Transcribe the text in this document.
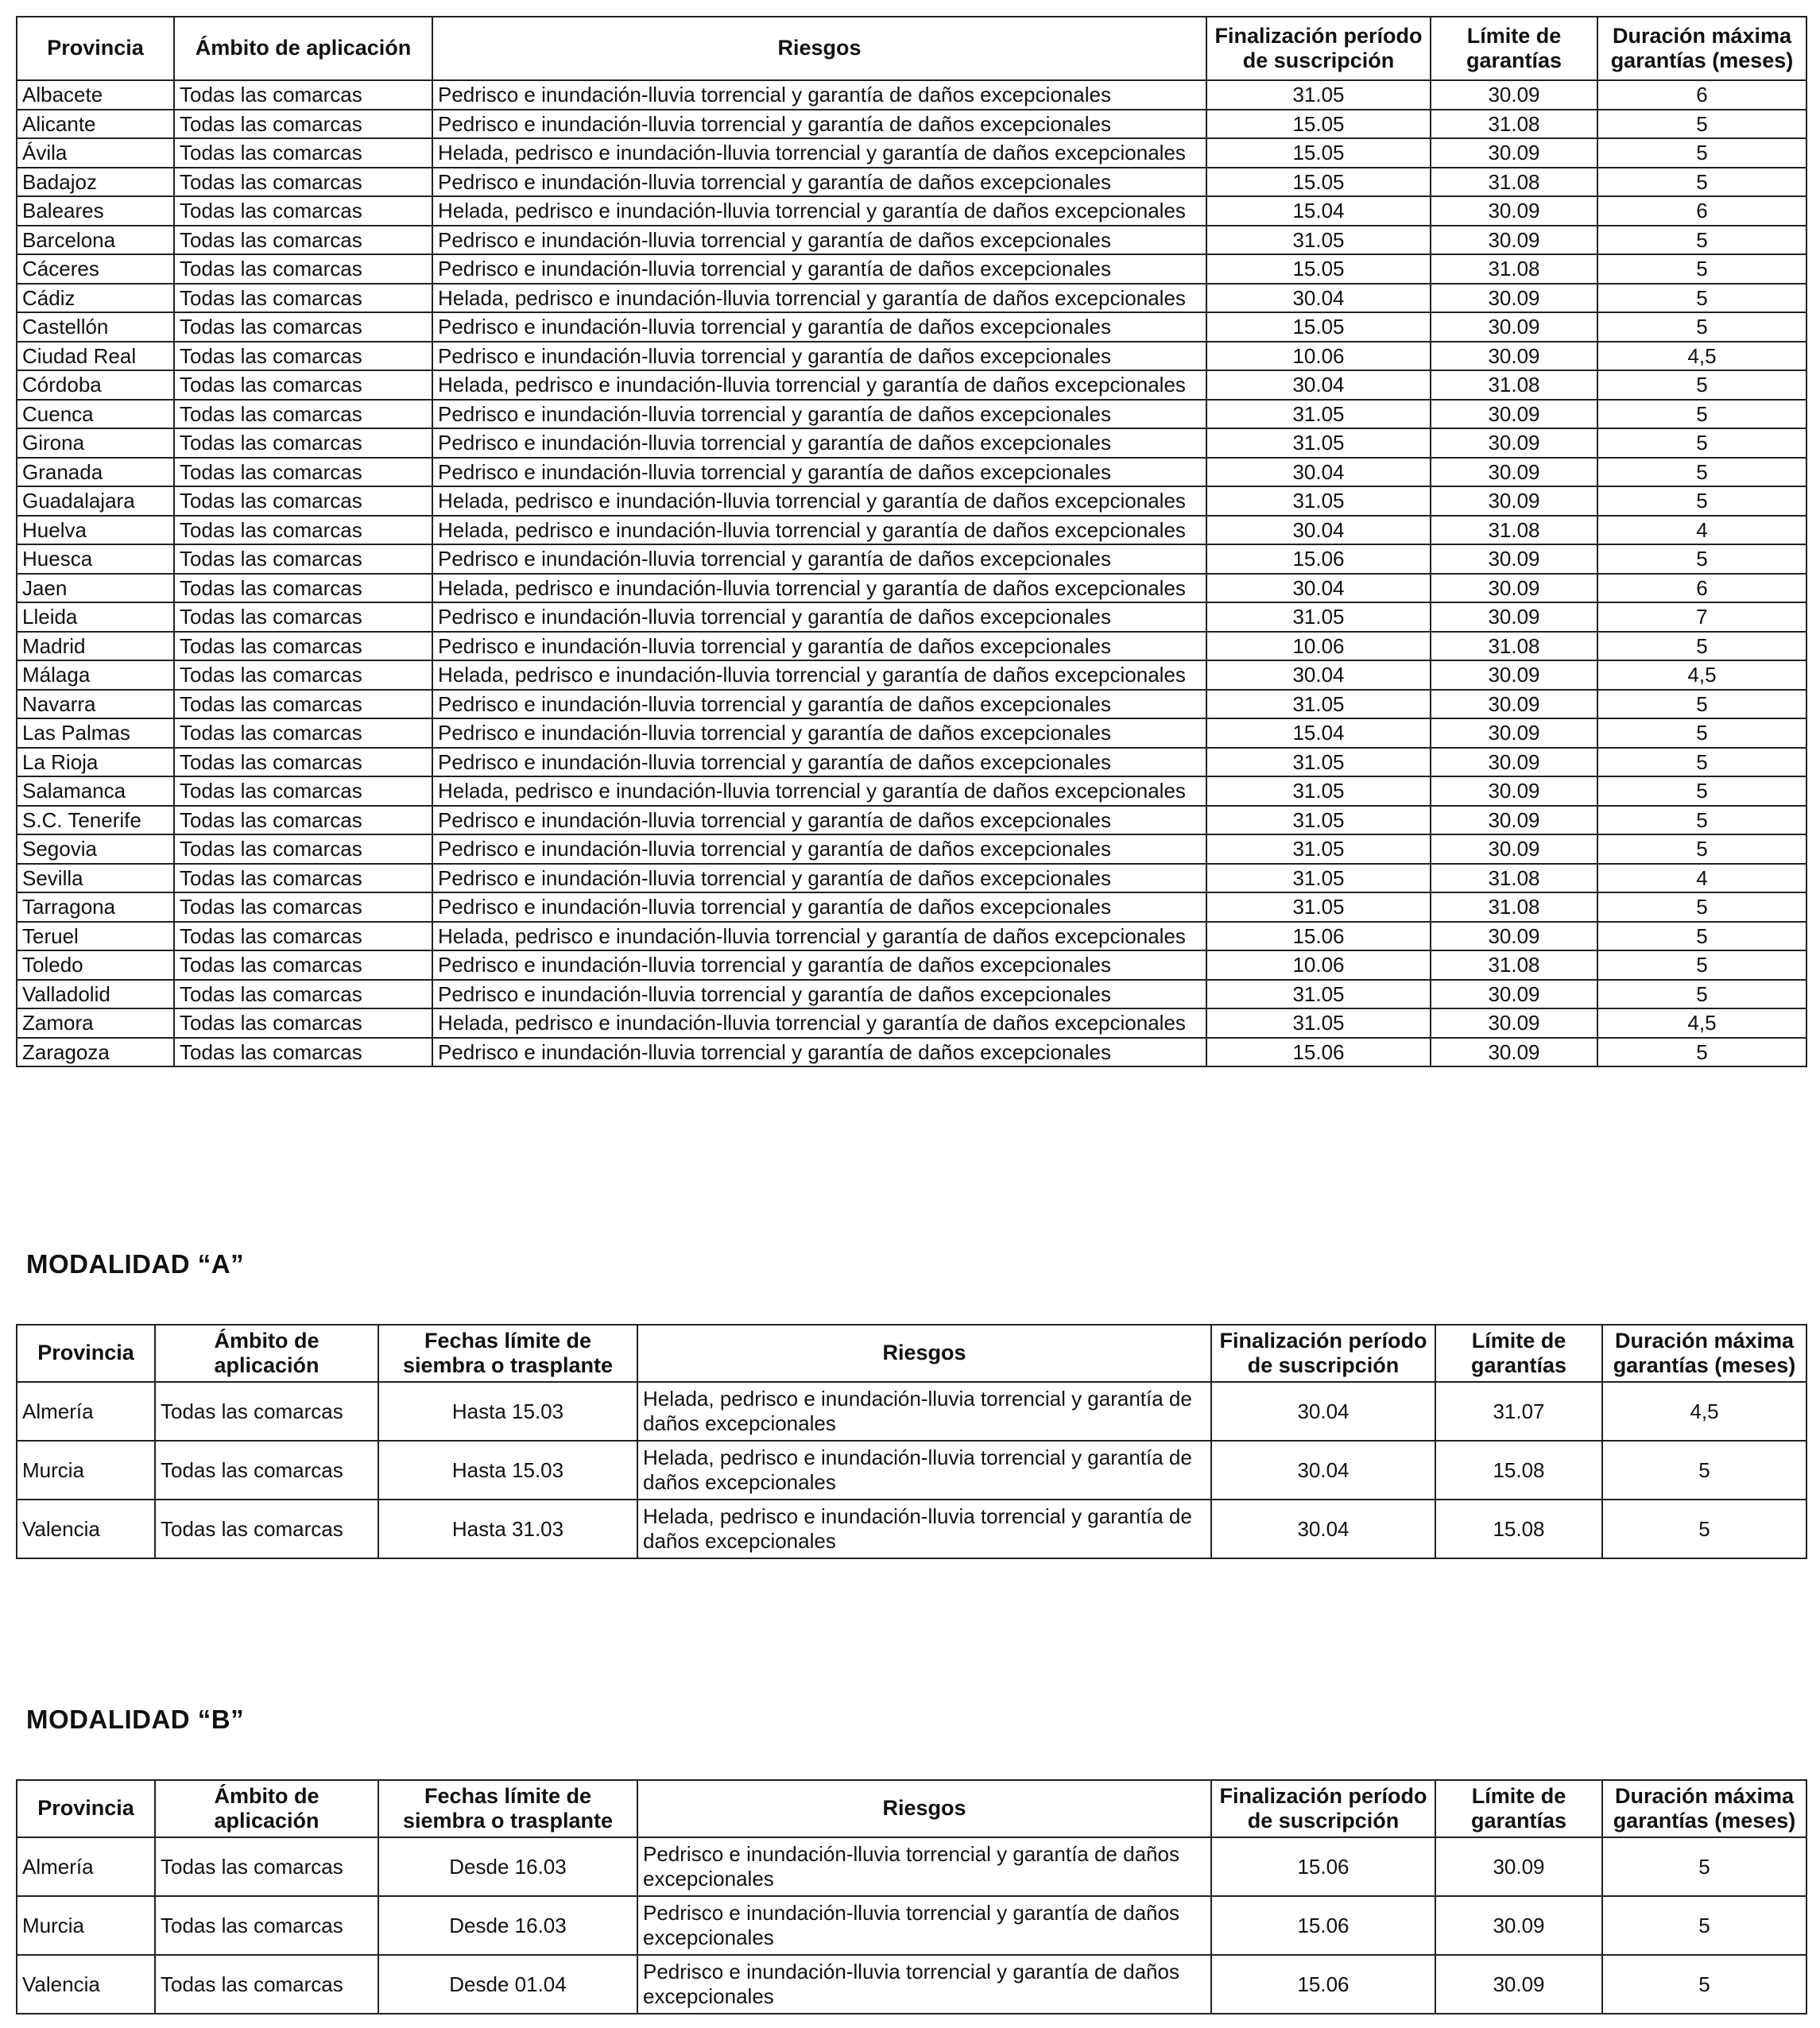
Provincia	Ámbito de aplicación	Riesgos	Finalización período de suscripción	Límite de garantías	Duración máxima garantías (meses)
Albacete	Todas las comarcas	Pedrisco e inundación-lluvia torrencial y garantía de daños excepcionales	31.05	30.09	6
Alicante	Todas las comarcas	Pedrisco e inundación-lluvia torrencial y garantía de daños excepcionales	15.05	31.08	5
Ávila	Todas las comarcas	Helada, pedrisco e inundación-lluvia torrencial y garantía de daños excepcionales	15.05	30.09	5
Badajoz	Todas las comarcas	Pedrisco e inundación-lluvia torrencial y garantía de daños excepcionales	15.05	31.08	5
Baleares	Todas las comarcas	Helada, pedrisco e inundación-lluvia torrencial y garantía de daños excepcionales	15.04	30.09	6
Barcelona	Todas las comarcas	Pedrisco e inundación-lluvia torrencial y garantía de daños excepcionales	31.05	30.09	5
Cáceres	Todas las comarcas	Pedrisco e inundación-lluvia torrencial y garantía de daños excepcionales	15.05	31.08	5
Cádiz	Todas las comarcas	Helada, pedrisco e inundación-lluvia torrencial y garantía de daños excepcionales	30.04	30.09	5
Castellón	Todas las comarcas	Pedrisco e inundación-lluvia torrencial y garantía de daños excepcionales	15.05	30.09	5
Ciudad Real	Todas las comarcas	Pedrisco e inundación-lluvia torrencial y garantía de daños excepcionales	10.06	30.09	4,5
Córdoba	Todas las comarcas	Helada, pedrisco e inundación-lluvia torrencial y garantía de daños excepcionales	30.04	31.08	5
Cuenca	Todas las comarcas	Pedrisco e inundación-lluvia torrencial y garantía de daños excepcionales	31.05	30.09	5
Girona	Todas las comarcas	Pedrisco e inundación-lluvia torrencial y garantía de daños excepcionales	31.05	30.09	5
Granada	Todas las comarcas	Pedrisco e inundación-lluvia torrencial y garantía de daños excepcionales	30.04	30.09	5
Guadalajara	Todas las comarcas	Helada, pedrisco e inundación-lluvia torrencial y garantía de daños excepcionales	31.05	30.09	5
Huelva	Todas las comarcas	Helada, pedrisco e inundación-lluvia torrencial y garantía de daños excepcionales	30.04	31.08	4
Huesca	Todas las comarcas	Pedrisco e inundación-lluvia torrencial y garantía de daños excepcionales	15.06	30.09	5
Jaen	Todas las comarcas	Helada, pedrisco e inundación-lluvia torrencial y garantía de daños excepcionales	30.04	30.09	6
Lleida	Todas las comarcas	Pedrisco e inundación-lluvia torrencial y garantía de daños excepcionales	31.05	30.09	7
Madrid	Todas las comarcas	Pedrisco e inundación-lluvia torrencial y garantía de daños excepcionales	10.06	31.08	5
Málaga	Todas las comarcas	Helada, pedrisco e inundación-lluvia torrencial y garantía de daños excepcionales	30.04	30.09	4,5
Navarra	Todas las comarcas	Pedrisco e inundación-lluvia torrencial y garantía de daños excepcionales	31.05	30.09	5
Las Palmas	Todas las comarcas	Pedrisco e inundación-lluvia torrencial y garantía de daños excepcionales	15.04	30.09	5
La Rioja	Todas las comarcas	Pedrisco e inundación-lluvia torrencial y garantía de daños excepcionales	31.05	30.09	5
Salamanca	Todas las comarcas	Helada, pedrisco e inundación-lluvia torrencial y garantía de daños excepcionales	31.05	30.09	5
S.C. Tenerife	Todas las comarcas	Pedrisco e inundación-lluvia torrencial y garantía de daños excepcionales	31.05	30.09	5
Segovia	Todas las comarcas	Pedrisco e inundación-lluvia torrencial y garantía de daños excepcionales	31.05	30.09	5
Sevilla	Todas las comarcas	Pedrisco e inundación-lluvia torrencial y garantía de daños excepcionales	31.05	31.08	4
Tarragona	Todas las comarcas	Pedrisco e inundación-lluvia torrencial y garantía de daños excepcionales	31.05	31.08	5
Teruel	Todas las comarcas	Helada, pedrisco e inundación-lluvia torrencial y garantía de daños excepcionales	15.06	30.09	5
Toledo	Todas las comarcas	Pedrisco e inundación-lluvia torrencial y garantía de daños excepcionales	10.06	31.08	5
Valladolid	Todas las comarcas	Pedrisco e inundación-lluvia torrencial y garantía de daños excepcionales	31.05	30.09	5
Zamora	Todas las comarcas	Helada, pedrisco e inundación-lluvia torrencial y garantía de daños excepcionales	31.05	30.09	4,5
Zaragoza	Todas las comarcas	Pedrisco e inundación-lluvia torrencial y garantía de daños excepcionales	15.06	30.09	5
MODALIDAD “A”
Provincia	Ámbito de aplicación	Fechas límite de siembra o trasplante	Riesgos	Finalización período de suscripción	Límite de garantías	Duración máxima garantías (meses)
Almería	Todas las comarcas	Hasta 15.03	Helada, pedrisco e inundación-lluvia torrencial y garantía de daños excepcionales	30.04	31.07	4,5
Murcia	Todas las comarcas	Hasta 15.03	Helada, pedrisco e inundación-lluvia torrencial y garantía de daños excepcionales	30.04	15.08	5
Valencia	Todas las comarcas	Hasta 31.03	Helada, pedrisco e inundación-lluvia torrencial y garantía de daños excepcionales	30.04	15.08	5
MODALIDAD “B”
Provincia	Ámbito de aplicación	Fechas límite de siembra o trasplante	Riesgos	Finalización período de suscripción	Límite de garantías	Duración máxima garantías (meses)
Almería	Todas las comarcas	Desde 16.03	Pedrisco e inundación-lluvia torrencial y garantía de daños excepcionales	15.06	30.09	5
Murcia	Todas las comarcas	Desde 16.03	Pedrisco e inundación-lluvia torrencial y garantía de daños excepcionales	15.06	30.09	5
Valencia	Todas las comarcas	Desde 01.04	Pedrisco e inundación-lluvia torrencial y garantía de daños excepcionales	15.06	30.09	5
